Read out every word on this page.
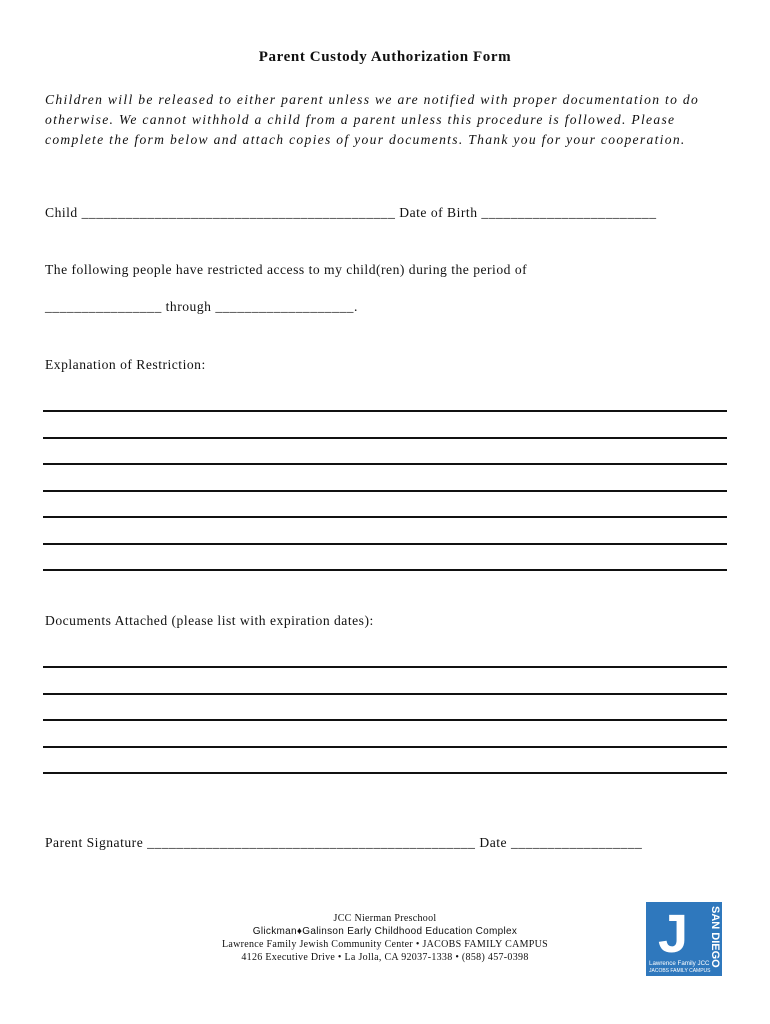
Parent Custody Authorization Form
Children will be released to either parent unless we are notified with proper documentation to do otherwise. We cannot withhold a child from a parent unless this procedure is followed. Please complete the form below and attach copies of your documents. Thank you for your cooperation.
Child ___________________________________________ Date of Birth ________________________
The following people have restricted access to my child(ren) during the period of
________________ through ___________________.
Explanation of Restriction:
Documents Attached (please list with expiration dates):
Parent Signature _____________________________________________ Date __________________
JCC Nierman Preschool
Glickman♦Galinson Early Childhood Education Complex
Lawrence Family Jewish Community Center • JACOBS FAMILY CAMPUS
4126 Executive Drive • La Jolla, CA 92037-1338 • (858) 457-0398	J SAN DIEGO
Lawrence Family JCC
JACOBS FAMILY CAMPUS
